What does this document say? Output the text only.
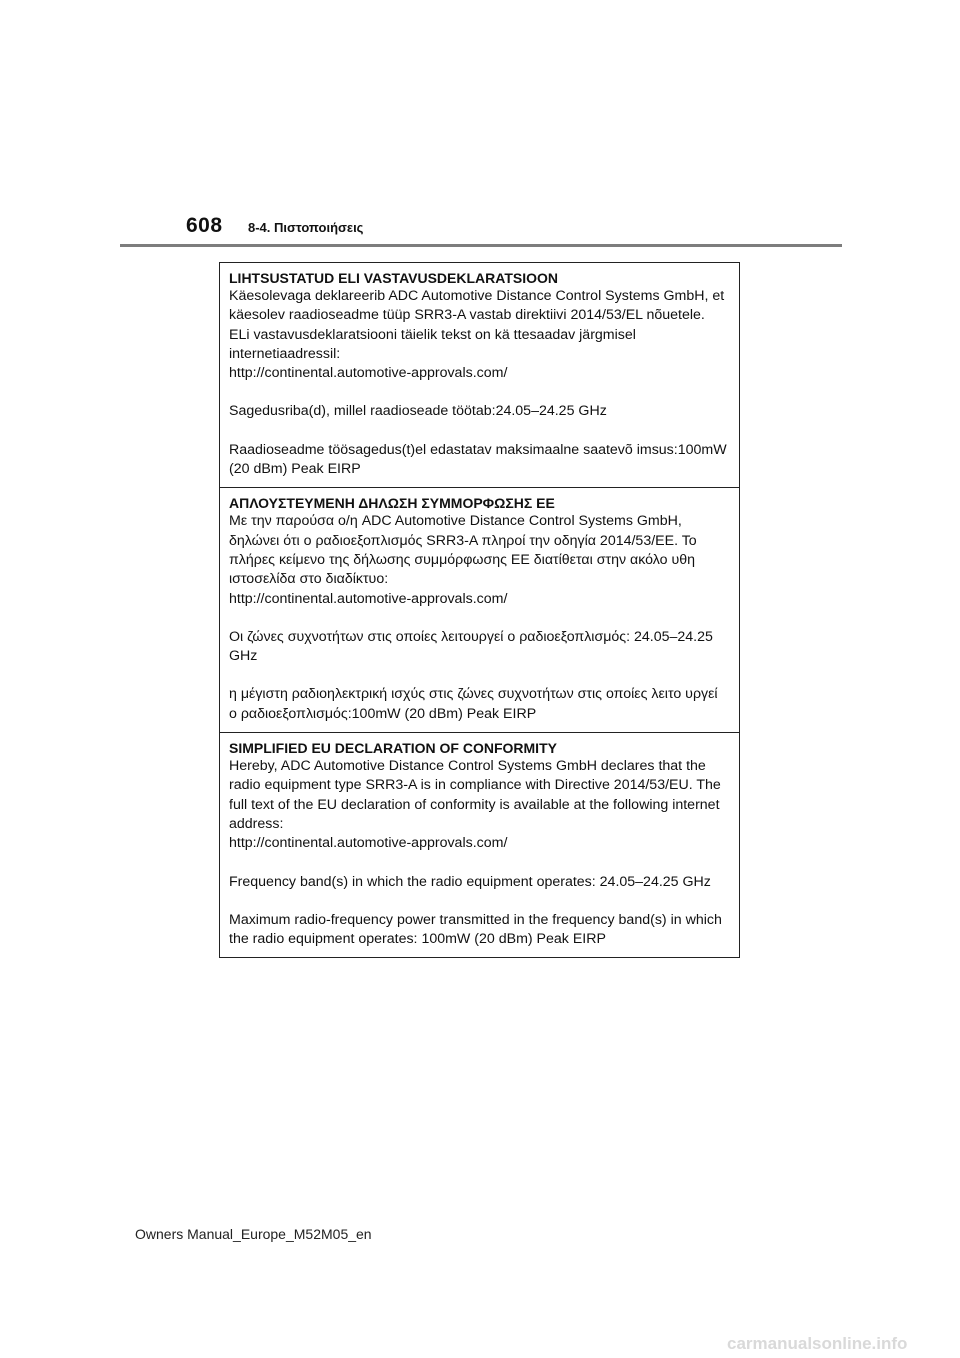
608 8-4. Πιστοποιήσεις

LIHTSUSTATUD ELI VASTAVUSDEKLARATSIOON

Käesolevaga deklareerib ADC Automotive Distance Control Systems GmbH, et käesolev raadioseadme tüüp SRR3-A vastab direktiivi 2014/53/EL nõuetele. ELi vastavusdeklaratsiooni täielik tekst on kä ttesaadav järgmisel internetiaadressil:

http://continental.automotive-approvals.com/

Sagedusriba(d), millel raadioseade töötab:24.05–24.25 GHz

Raadioseadme töösagedus(t)el edastatav maksimaalne saatevõ imsus:100mW (20 dBm) Peak EIRP

ΑΠΛΟΥΣΤΕΥΜΕΝΗ ΔΗΛΩΣΗ ΣΥΜΜΟΡΦΩΣΗΣ ΕΕ

Με την παρούσα ο/η ADC Automotive Distance Control Systems GmbH, δηλώνει ότι ο ραδιοεξοπλισμός SRR3-A πληροί την οδηγία 2014/53/ΕΕ. Το πλήρες κείμενο της δήλωσης συμμόρφωσης ΕΕ διατίθεται στην ακόλο υθη ιστοσελίδα στο διαδίκτυο:

http://continental.automotive-approvals.com/

Οι ζώνες συχνοτήτων στις οποίες λειτουργεί ο ραδιοεξοπλισμός: 24.05–24.25 GHz

η μέγιστη ραδιοηλεκτρική ισχύς στις ζώνες συχνοτήτων στις οποίες λειτο υργεί ο ραδιοεξοπλισμός:100mW (20 dBm) Peak EIRP

SIMPLIFIED EU DECLARATION OF CONFORMITY

Hereby, ADC Automotive Distance Control Systems GmbH declares that the radio equipment type SRR3-A is in compliance with Directive 2014/53/EU. The full text of the EU declaration of conformity is available at the following internet address:

http://continental.automotive-approvals.com/

Frequency band(s) in which the radio equipment operates: 24.05–24.25 GHz

Maximum radio-frequency power transmitted in the frequency band(s) in which the radio equipment operates: 100mW (20 dBm) Peak EIRP

Owners Manual_Europe_M52M05_en
carmanualsonline.info
